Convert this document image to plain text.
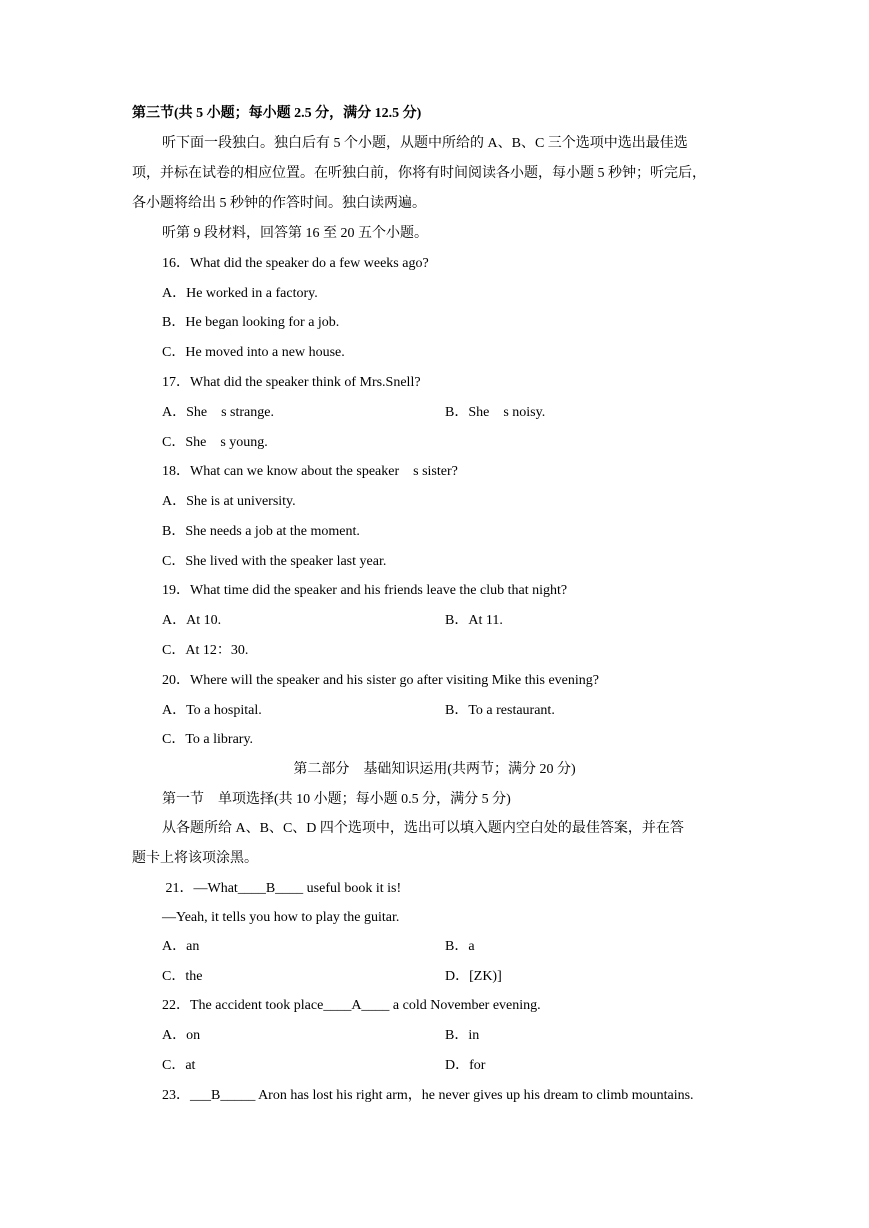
第三节(共 5 小题；每小题 2.5 分，满分 12.5 分)
听下面一段独白。独白后有 5 个小题，从题中所给的 A、B、C 三个选项中选出最佳选
项，并标在试卷的相应位置。在听独白前，你将有时间阅读各小题，每小题 5 秒钟；听完后，
各小题将给出 5 秒钟的作答时间。独白读两遍。
听第 9 段材料，回答第 16 至 20 五个小题。
16．What did the speaker do a few weeks ago?
A．He worked in a factory.
B．He began looking for a job.
C．He moved into a new house.
17．What did the speaker think of Mrs.Snell?
A．She    s strange.	B．She    s noisy.
C．She    s young.
18．What can we know about the speaker    s sister?
A．She is at university.
B．She needs a job at the moment.
C．She lived with the speaker last year.
19．What time did the speaker and his friends leave the club that night?
A．At 10.	B．At 11.
C．At 12：30.
20．Where will the speaker and his sister go after visiting Mike this evening?
A．To a hospital.	B．To a restaurant.
C．To a library.
第二部分    基础知识运用(共两节；满分 20 分)
第一节    单项选择(共 10 小题；每小题 0.5 分，满分 5 分)
从各题所给 A、B、C、D 四个选项中，选出可以填入题内空白处的最佳答案，并在答
题卡上将该项涂黑。
21．—What____B____ useful book it is!
—Yeah, it tells you how to play the guitar.
A．an	B．a
C．the	D．[ZK)]
22．The accident took place____A____ a cold November evening.
A．on	B．in
C．at	D．for
23．___B_____ Aron has lost his right arm，he never gives up his dream to climb mountains.
